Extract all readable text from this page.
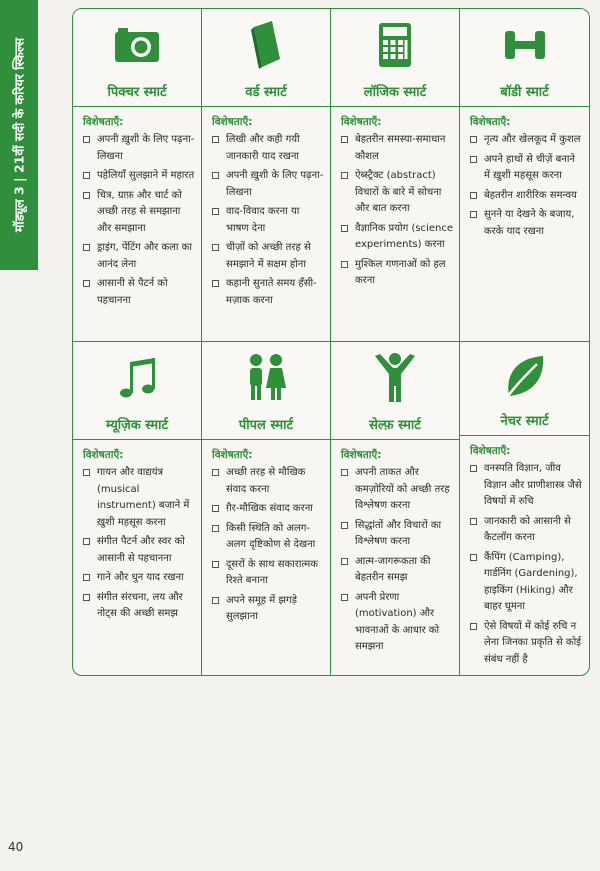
मॉड्यूल 3 | 21वीं सदी के करियर स्किल्स	पिक्चर स्मार्ट
विशेषताएँ:
अपनी ख़ुशी के लिए पढ़ना-लिखना
पहेलियाँ सुलझाने में महारत
चित्र, ग्राफ़ और चार्ट को अच्छी तरह से समझाना और समझाना
ड्राइंग, पेंटिंग और कला का आनंद लेना
आसानी से पैटर्न को पहचानना
वर्ड स्मार्ट
विशेषताएँ:
लिखी और कही गयी जानकारी याद रखना
अपनी ख़ुशी के लिए पढ़ना-लिखना
वाद-विवाद करना या भाषण देना
चीज़ों को अच्छी तरह से समझाने में सक्षम होना
कहानी सुनाते समय हँसी-मज़ाक करना
लॉजिक स्मार्ट
विशेषताएँ:
बेहतरीन समस्या-समाधान कौशल
ऐब्स्ट्रैक्ट (abstract) विचारों के बारे में सोचना और बात करना
वैज्ञानिक प्रयोग (science experiments) करना
मुश्किल गणनाओं को हल करना
बॉडी स्मार्ट
विशेषताएँ:
नृत्य और खेलकूद में कुशल
अपने हाथों से चीज़ें बनाने में ख़ुशी महसूस करना
बेहतरीन शारीरिक समन्वय
सुनने या देखने के बजाय, करके याद रखना
म्यूज़िक स्मार्ट
विशेषताएँ:
गायन और वाद्ययंत्र (musical instrument) बजाने में ख़ुशी महसूस करना
संगीत पैटर्न और स्वर को आसानी से पहचानना
गाने और धुन याद रखना
संगीत संरचना, लय और नोट्स की अच्छी समझ
पीपल स्मार्ट
विशेषताएँ:
अच्छी तरह से मौखिक संवाद करना
ग़ैर-मौखिक संवाद करना
किसी स्थिति को अलग-अलग दृष्टिकोण से देखना
दूसरों के साथ सकारात्मक रिश्ते बनाना
अपने समूह में झगड़े सुलझाना
सेल्फ़ स्मार्ट
विशेषताएँ:
अपनी ताकत और कमज़ोरियों को अच्छी तरह विश्लेषण करना
सिद्धांतों और विचारों का विश्लेषण करना
आत्म-जागरूकता की बेहतरीन समझ
अपनी प्रेरणा (motivation) और भावनाओं के आधार को समझना
नेचर स्मार्ट
विशेषताएँ:
वनस्पति विज्ञान, जीव विज्ञान और प्राणीशास्त्र जैसे विषयों में रुचि
जानकारी को आसानी से कैटलॉग करना
कैंपिंग (Camping), गार्डनिंग (Gardening), हाइकिंग (Hiking) और बाहर घूमना
ऐसे विषयों में कोई रुचि न लेना जिनका प्रकृति से कोई संबंध नहीं है
40
